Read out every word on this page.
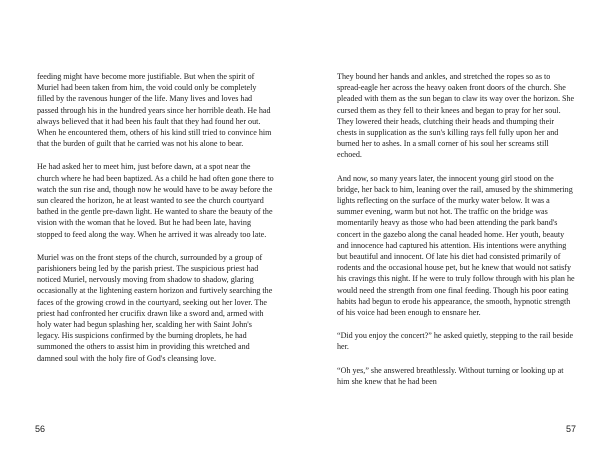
feeding might have become more justifiable. But when the spirit of Muriel had been taken from him, the void could only be completely filled by the ravenous hunger of the life. Many lives and loves had passed through his in the hundred years since her horrible death. He had always believed that it had been his fault that they had found her out. When he encountered them, others of his kind still tried to convince him that the burden of guilt that he carried was not his alone to bear.

He had asked her to meet him, just before dawn, at a spot near the church where he had been baptized. As a child he had often gone there to watch the sun rise and, though now he would have to be away before the sun cleared the horizon, he at least wanted to see the church courtyard bathed in the gentle pre-dawn light. He wanted to share the beauty of the vision with the woman that he loved. But he had been late, having stopped to feed along the way. When he arrived it was already too late.

Muriel was on the front steps of the church, surrounded by a group of parishioners being led by the parish priest. The suspicious priest had noticed Muriel, nervously moving from shadow to shadow, glaring occasionally at the lightening eastern horizon and furtively searching the faces of the growing crowd in the courtyard, seeking out her lover. The priest had confronted her crucifix drawn like a sword and, armed with holy water had begun splashing her, scalding her with Saint John's legacy. His suspicions confirmed by the burning droplets, he had summoned the others to assist him in providing this wretched and damned soul with the holy fire of God's cleansing love.

56

They bound her hands and ankles, and stretched the ropes so as to spread-eagle her across the heavy oaken front doors of the church. She pleaded with them as the sun began to claw its way over the horizon. She cursed them as they fell to their knees and began to pray for her soul. They lowered their heads, clutching their heads and thumping their chests in supplication as the sun's killing rays fell fully upon her and burned her to ashes. In a small corner of his soul her screams still echoed.

And now, so many years later, the innocent young girl stood on the bridge, her back to him, leaning over the rail, amused by the shimmering lights reflecting on the surface of the murky water below. It was a summer evening, warm but not hot. The traffic on the bridge was momentarily heavy as those who had been attending the park band's concert in the gazebo along the canal headed home. Her youth, beauty and innocence had captured his attention. His intentions were anything but beautiful and innocent. Of late his diet had consisted primarily of rodents and the occasional house pet, but he knew that would not satisfy his cravings this night. If he were to truly follow through with his plan he would need the strength from one final feeding. Though his poor eating habits had begun to erode his appearance, the smooth, hypnotic strength of his voice had been enough to ensnare her.

“Did you enjoy the concert?” he asked quietly, stepping to the rail beside her.

“Oh yes,” she answered breathlessly. Without turning or looking up at him she knew that he had been

57
